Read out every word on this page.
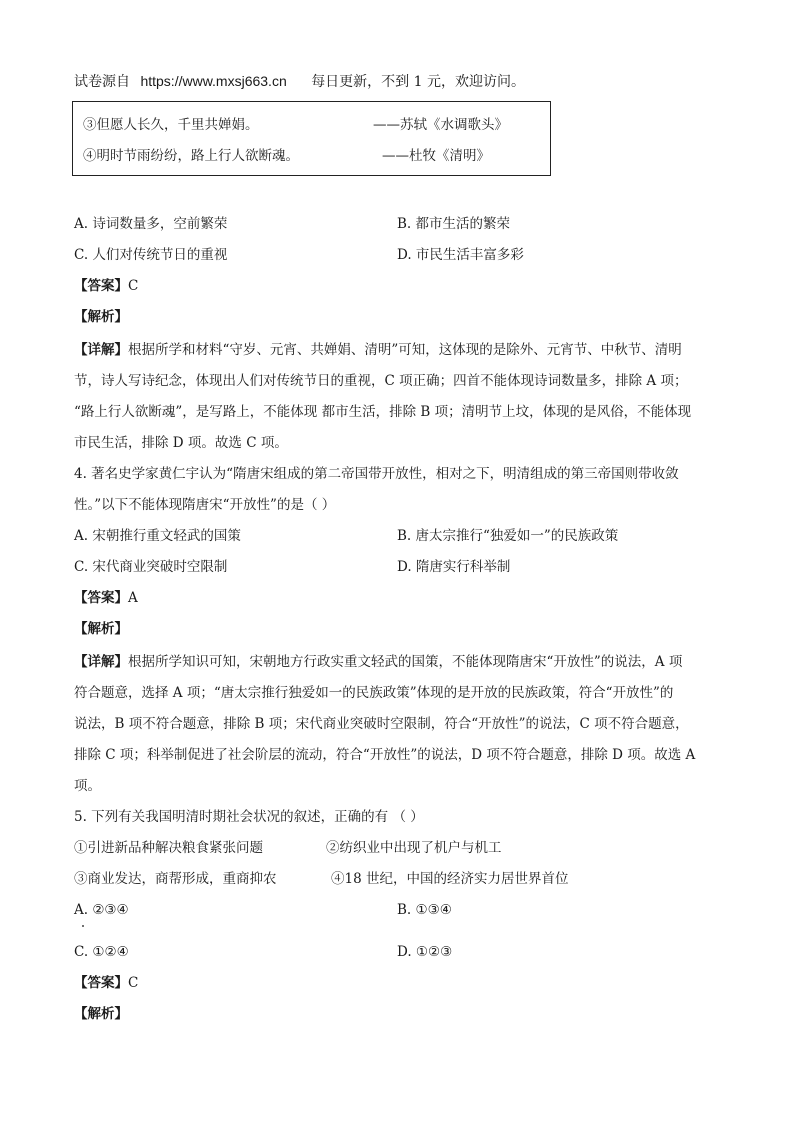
试卷源自 https://www.mxsj663.cn 每日更新，不到 1 元，欢迎访问。
③但愿人长久，千里共婵娟。	——苏轼《水调歌头》
④明时节雨纷纷，路上行人欲断魂。	——杜牧《清明》
A. 诗词数量多，空前繁荣	B. 都市生活的繁荣
C. 人们对传统节日的重视	D. 市民生活丰富多彩
【答案】C
【解析】
【详解】根据所学和材料“守岁、元宵、共婵娟、清明”可知，这体现的是除外、元宵节、中秋节、清明
节，诗人写诗纪念，体现出人们对传统节日的重视，C 项正确；四首不能体现诗词数量多，排除 A 项；
“路上行人欲断魂”，是写路上，不能体现 都市生活，排除 B 项；清明节上坟，体现的是风俗，不能体现
市民生活，排除 D 项。故选 C 项。
4. 著名史学家黄仁宇认为“隋唐宋组成的第二帝国带开放性，相对之下，明清组成的第三帝国则带收敛
性。”以下不能体现隋唐宋“开放性”的是（ ）
A. 宋朝推行重文轻武的国策	B. 唐太宗推行“独爱如一”的民族政策
C. 宋代商业突破时空限制	D. 隋唐实行科举制
【答案】A
【解析】
【详解】根据所学知识可知，宋朝地方行政实重文轻武的国策，不能体现隋唐宋“开放性”的说法，A 项
符合题意，选择 A 项；“唐太宗推行独爱如一的民族政策”体现的是开放的民族政策，符合“开放性”的
说法，B 项不符合题意，排除 B 项；宋代商业突破时空限制，符合“开放性”的说法，C 项不符合题意，
排除 C 项；科举制促进了社会阶层的流动，符合“开放性”的说法，D 项不符合题意，排除 D 项。故选 A
项。
5. 下列有关我国明清时期社会状况的叙述，正确的有 （ ）
①引进新品种解决粮食紧张问题	②纺织业中出现了机户与机工
③商业发达，商帮形成，重商抑农	④18 世纪，中国的经济实力居世界首位
A. ②③④	B. ①③④
C. ①②④	D. ①②③
【答案】C
【解析】
